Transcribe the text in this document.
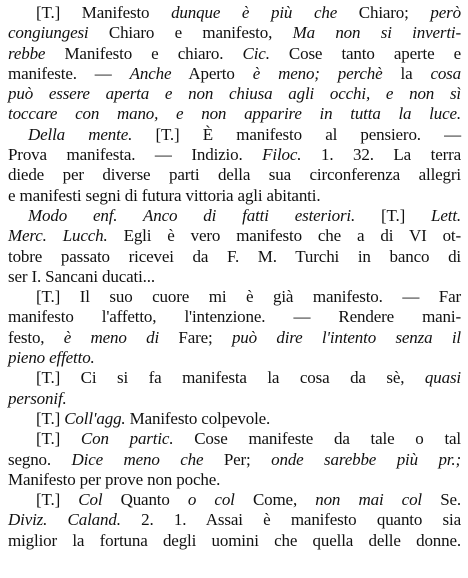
[T.] Manifesto dunque è più che Chiaro; però
congiungesi Chiaro e manifesto, Ma non si inverti-
rebbe Manifesto e chiaro. Cic. Cose tanto aperte e
manifeste. — Anche Aperto è meno; perchè la cosa
può essere aperta e non chiusa agli occhi, e non sì
toccare con mano, e non apparire in tutta la luce.
Della mente. [T.] È manifesto al pensiero. —
Prova manifesta. — Indizio. Filoc. 1. 32. La terra
diede per diverse parti della sua circonferenza allegri
e manifesti segni di futura vittoria agli abitanti.
Modo enf. Anco di fatti esteriori. [T.] Lett.
Merc. Lucch. Egli è vero manifesto che a di VI ot-
tobre passato ricevei da F. M. Turchi in banco di
ser I. Sancani ducati...
[T.] Il suo cuore mi è già manifesto. — Far
manifesto l'affetto, l'intenzione. — Rendere mani-
festo, è meno di Fare; può dire l'intento senza il
pieno effetto.
[T.] Ci si fa manifesta la cosa da sè, quasi
personif.
[T.] Coll'agg. Manifesto colpevole.
[T.] Con partic. Cose manifeste da tale o tal
segno. Dice meno che Per; onde sarebbe più pr.;
Manifesto per prove non poche.
[T.] Col Quanto o col Come, non mai col Se.
Diviz. Caland. 2. 1. Assai è manifesto quanto sia
miglior la fortuna degli uomini che quella delle donne.
